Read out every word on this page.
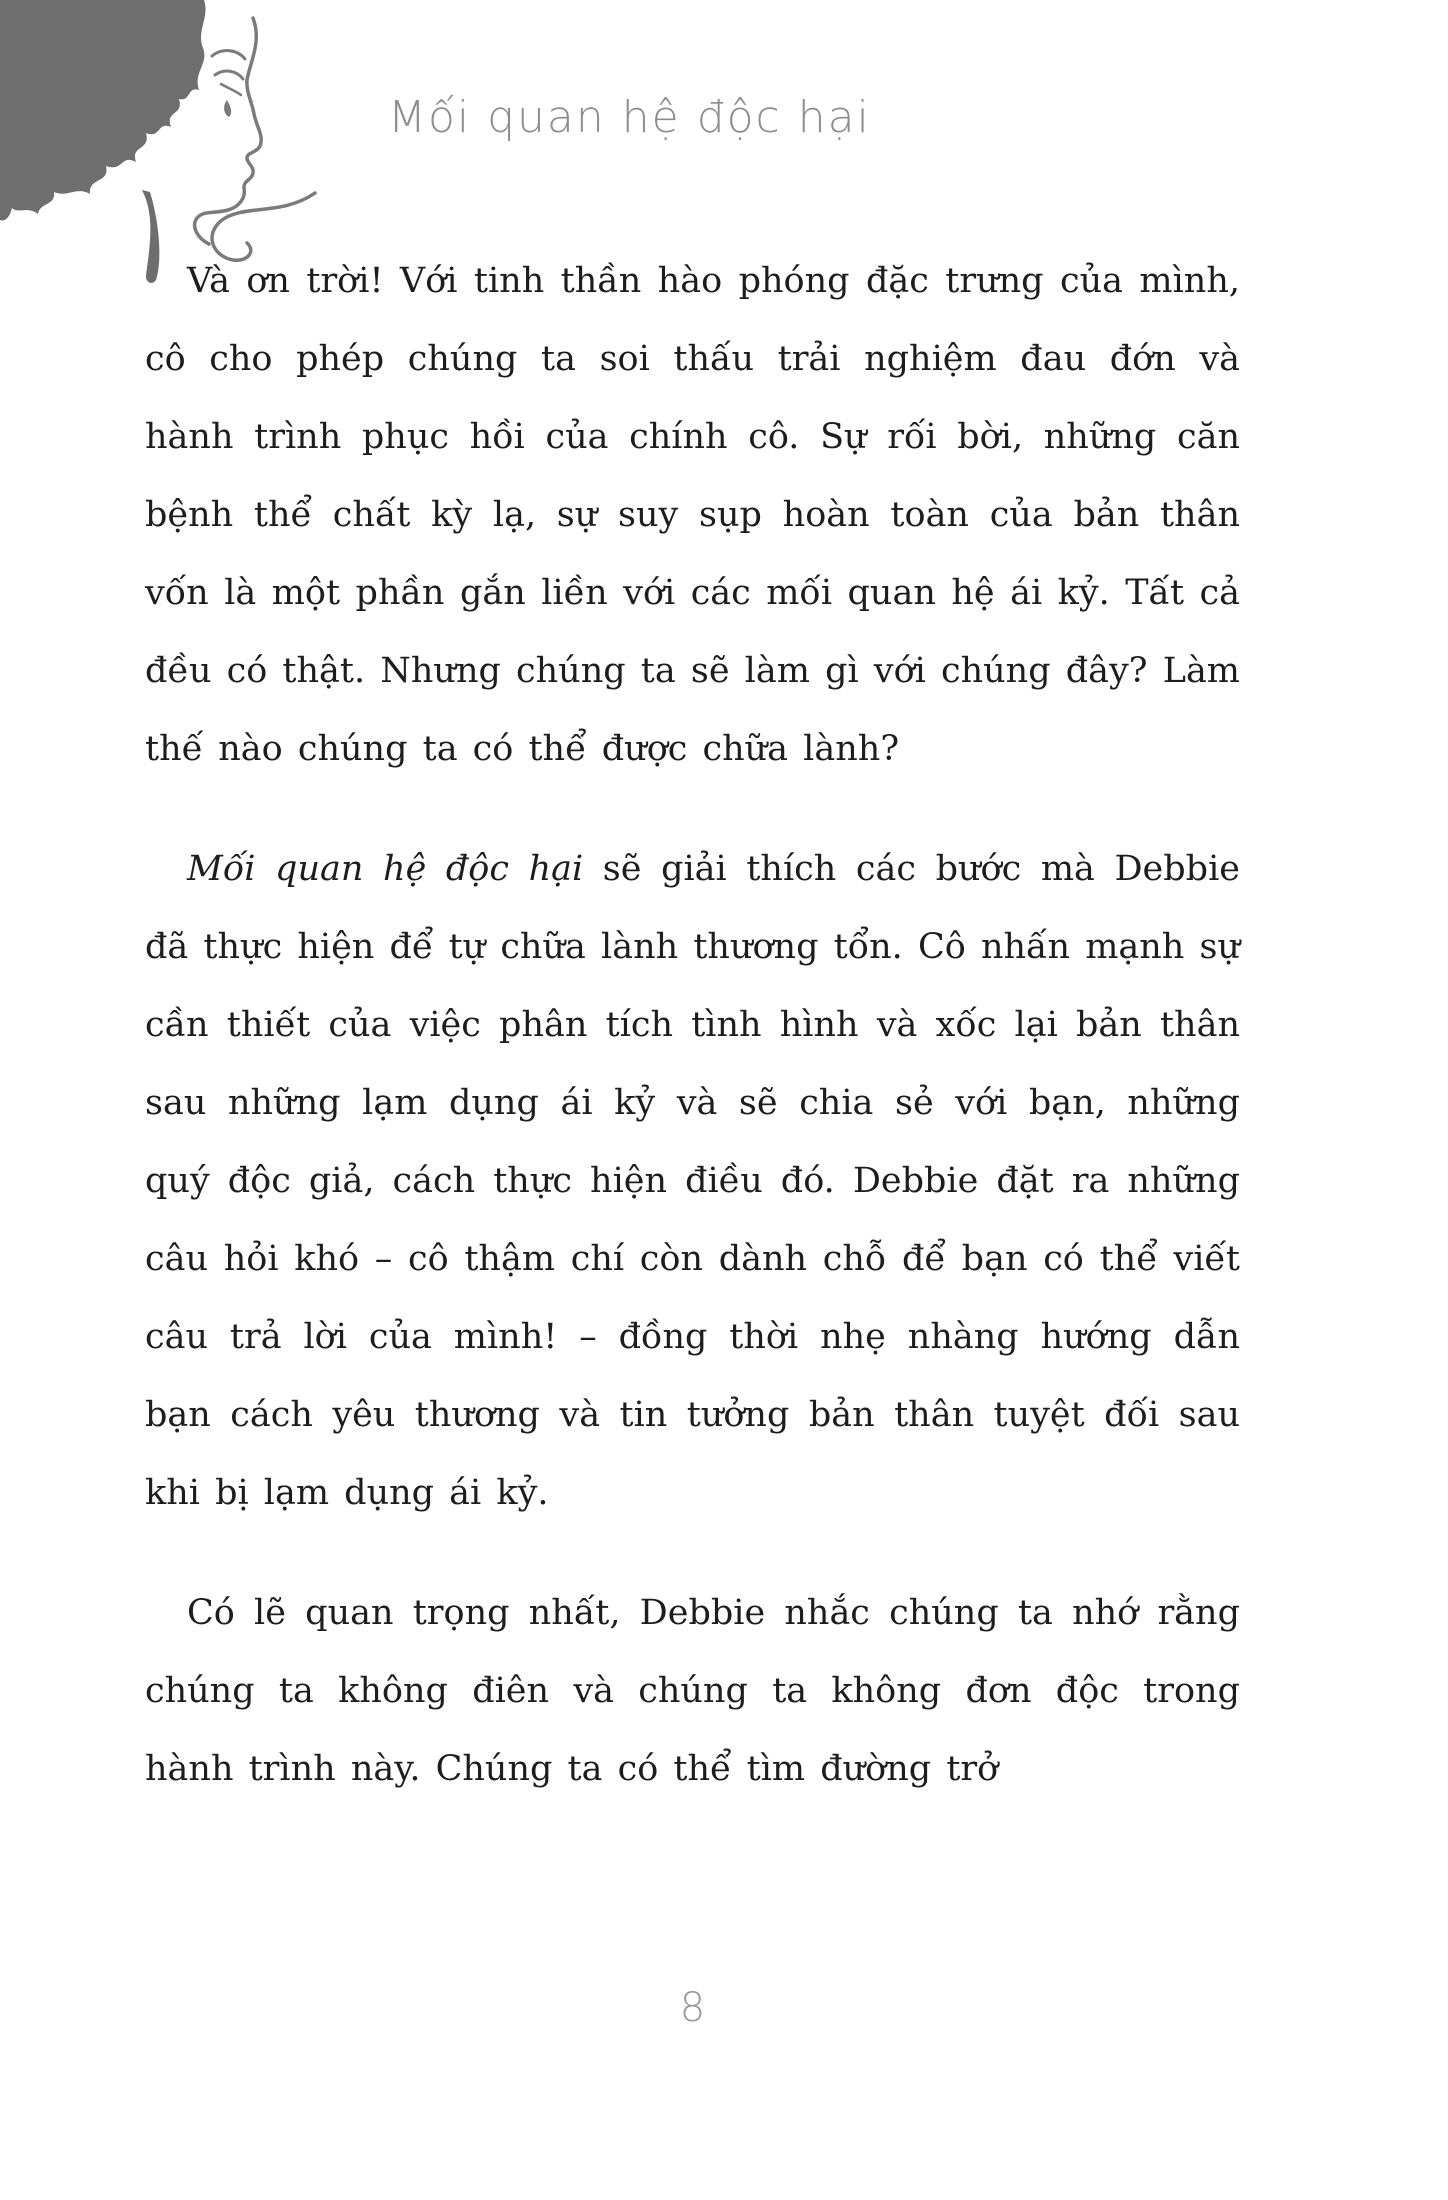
Mối quan hệ độc hại

Và ơn trời! Với tinh thần hào phóng đặc trưng của mình, cô cho phép chúng ta soi thấu trải nghiệm đau đớn và hành trình phục hồi của chính cô. Sự rối bời, những căn bệnh thể chất kỳ lạ, sự suy sụp hoàn toàn của bản thân vốn là một phần gắn liền với các mối quan hệ ái kỷ. Tất cả đều có thật. Nhưng chúng ta sẽ làm gì với chúng đây? Làm thế nào chúng ta có thể được chữa lành?

Mối quan hệ độc hại sẽ giải thích các bước mà Debbie đã thực hiện để tự chữa lành thương tổn. Cô nhấn mạnh sự cần thiết của việc phân tích tình hình và xốc lại bản thân sau những lạm dụng ái kỷ và sẽ chia sẻ với bạn, những quý độc giả, cách thực hiện điều đó. Debbie đặt ra những câu hỏi khó – cô thậm chí còn dành chỗ để bạn có thể viết câu trả lời của mình! – đồng thời nhẹ nhàng hướng dẫn bạn cách yêu thương và tin tưởng bản thân tuyệt đối sau khi bị lạm dụng ái kỷ.

Có lẽ quan trọng nhất, Debbie nhắc chúng ta nhớ rằng chúng ta không điên và chúng ta không đơn độc trong hành trình này. Chúng ta có thể tìm đường trở

8
